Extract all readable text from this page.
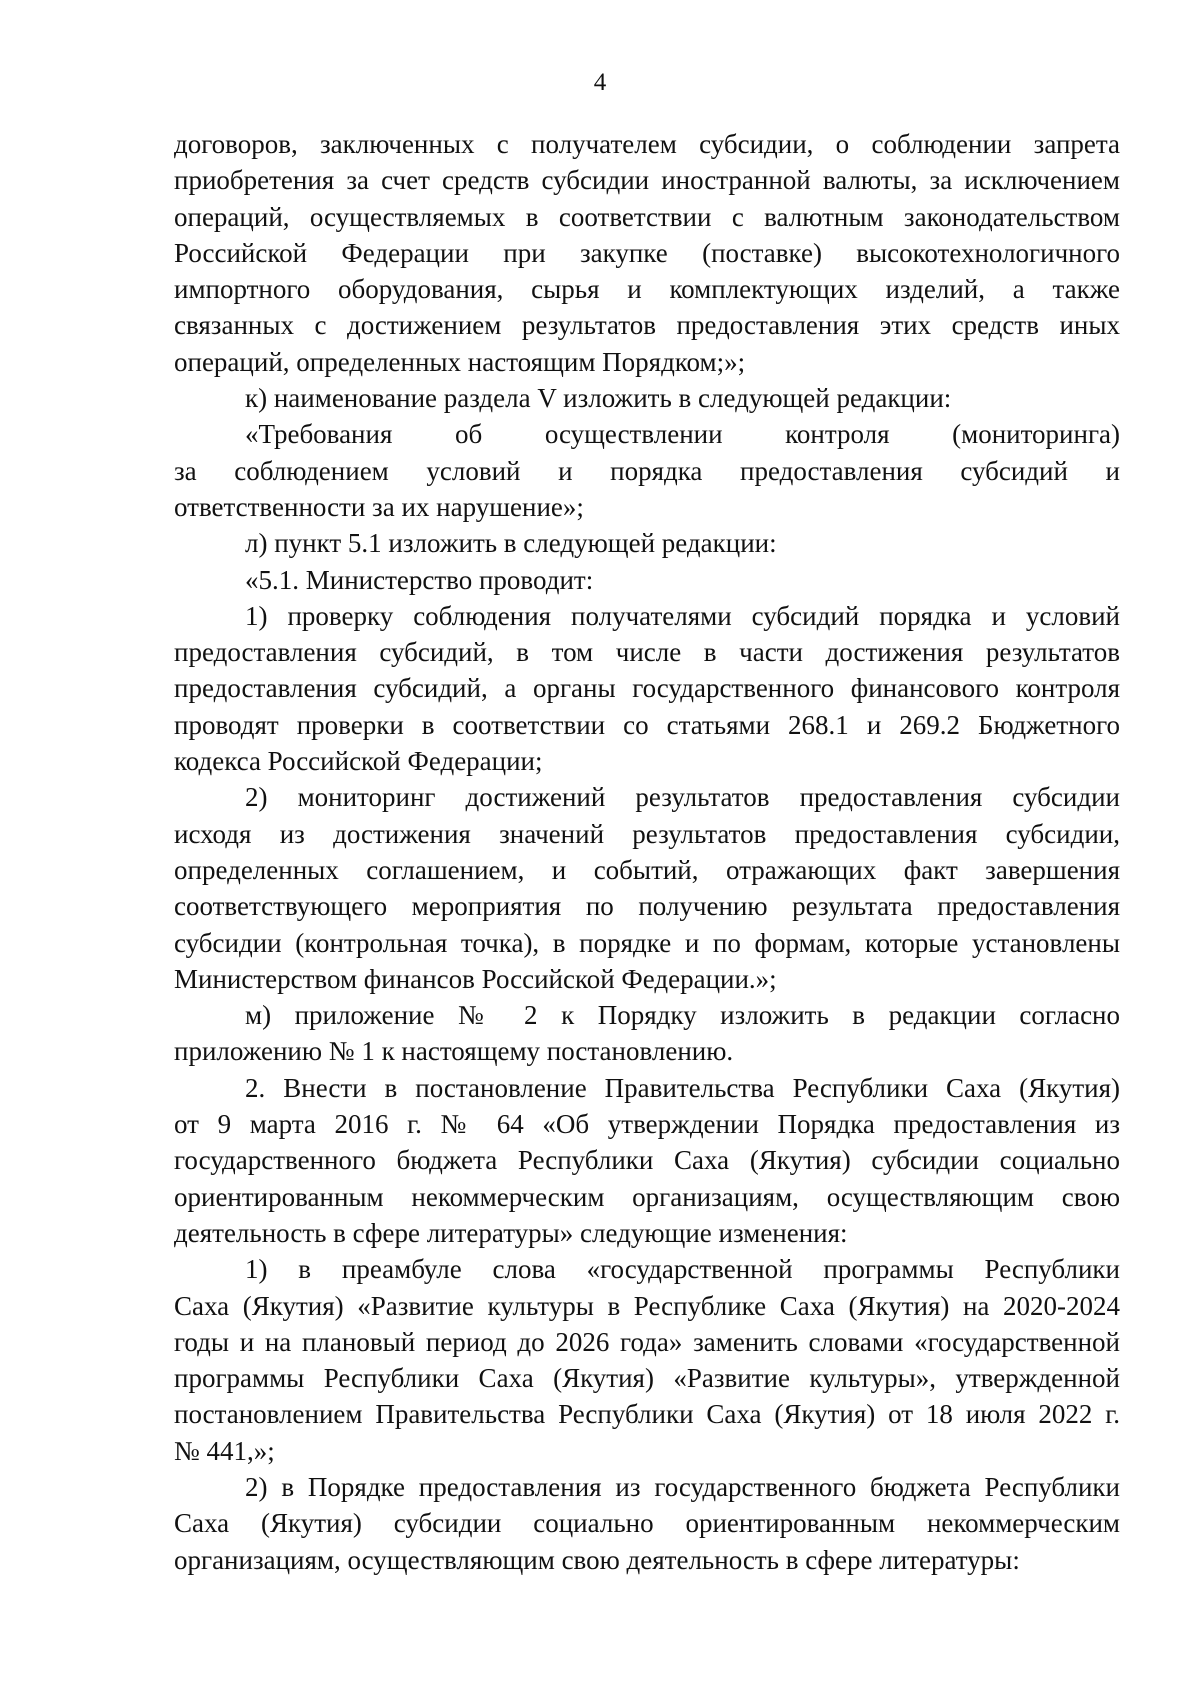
4
договоров, заключенных с получателем субсидии, о соблюдении запрета
приобретения за счет средств субсидии иностранной валюты, за исключением
операций, осуществляемых в соответствии с валютным законодательством
Российской Федерации при закупке (поставке) высокотехнологичного
импортного оборудования, сырья и комплектующих изделий, а также
связанных с достижением результатов предоставления этих средств иных
операций, определенных настоящим Порядком;»;
к) наименование раздела V изложить в следующей редакции:
«Требования об осуществлении контроля (мониторинга)
за соблюдением условий и порядка предоставления субсидий и
ответственности за их нарушение»;
л) пункт 5.1 изложить в следующей редакции:
«5.1. Министерство проводит:
1) проверку соблюдения получателями субсидий порядка и условий
предоставления субсидий, в том числе в части достижения результатов
предоставления субсидий, а органы государственного финансового контроля
проводят проверки в соответствии со статьями 268.1 и 269.2 Бюджетного
кодекса Российской Федерации;
2) мониторинг достижений результатов предоставления субсидии
исходя из достижения значений результатов предоставления субсидии,
определенных соглашением, и событий, отражающих факт завершения
соответствующего мероприятия по получению результата предоставления
субсидии (контрольная точка), в порядке и по формам, которые установлены
Министерством финансов Российской Федерации.»;
м) приложение № 2 к Порядку изложить в редакции согласно
приложению № 1 к настоящему постановлению.
2. Внести в постановление Правительства Республики Саха (Якутия)
от 9 марта 2016 г. № 64 «Об утверждении Порядка предоставления из
государственного бюджета Республики Саха (Якутия) субсидии социально
ориентированным некоммерческим организациям, осуществляющим свою
деятельность в сфере литературы» следующие изменения:
1) в преамбуле слова «государственной программы Республики
Саха (Якутия) «Развитие культуры в Республике Саха (Якутия) на 2020-2024
годы и на плановый период до 2026 года» заменить словами «государственной
программы Республики Саха (Якутия) «Развитие культуры», утвержденной
постановлением Правительства Республики Саха (Якутия) от 18 июля 2022 г.
№ 441,»;
2) в Порядке предоставления из государственного бюджета Республики
Саха (Якутия) субсидии социально ориентированным некоммерческим
организациям, осуществляющим свою деятельность в сфере литературы:
